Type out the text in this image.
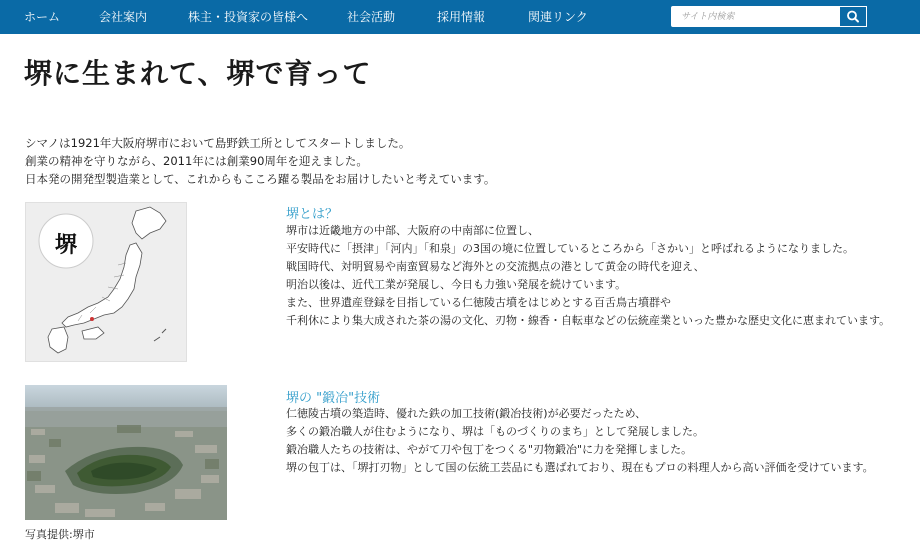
ホーム	会社案内	株主・投資家の皆様へ	社会活動	採用情報	関連リンク
サイト内検索
堺に生まれて、堺で育って
シマノは1921年大阪府堺市において島野鉄工所としてスタートしました。
創業の精神を守りながら、2011年には創業90周年を迎えました。
日本発の開発型製造業として、これからもこころ躍る製品をお届けしたいと考えています。
堺
堺とは？
堺市は近畿地方の中部、大阪府の中南部に位置し、
平安時代に「摂津」「河内」「和泉」の3国の境に位置しているところから「さかい」と呼ばれるようになりました。
戦国時代、対明貿易や南蛮貿易など海外との交流拠点の港として黄金の時代を迎え、
明治以後は、近代工業が発展し、今日も力強い発展を続けています。
また、世界遺産登録を目指している仁徳陵古墳をはじめとする百舌鳥古墳群や
千利休により集大成された茶の湯の文化、刃物・線香・自転車などの伝統産業といった豊かな歴史文化に恵まれています。
写真提供:堺市
堺の "鍛冶"技術
仁徳陵古墳の築造時、優れた鉄の加工技術(鍛冶技術)が必要だったため、
多くの鍛冶職人が住むようになり、堺は「ものづくりのまち」として発展しました。
鍛冶職人たちの技術は、やがて刀や包丁をつくる"刃物鍛冶"に力を発揮しました。
堺の包丁は、「堺打刃物」として国の伝統工芸品にも選ばれており、現在もプロの料理人から高い評価を受けています。
